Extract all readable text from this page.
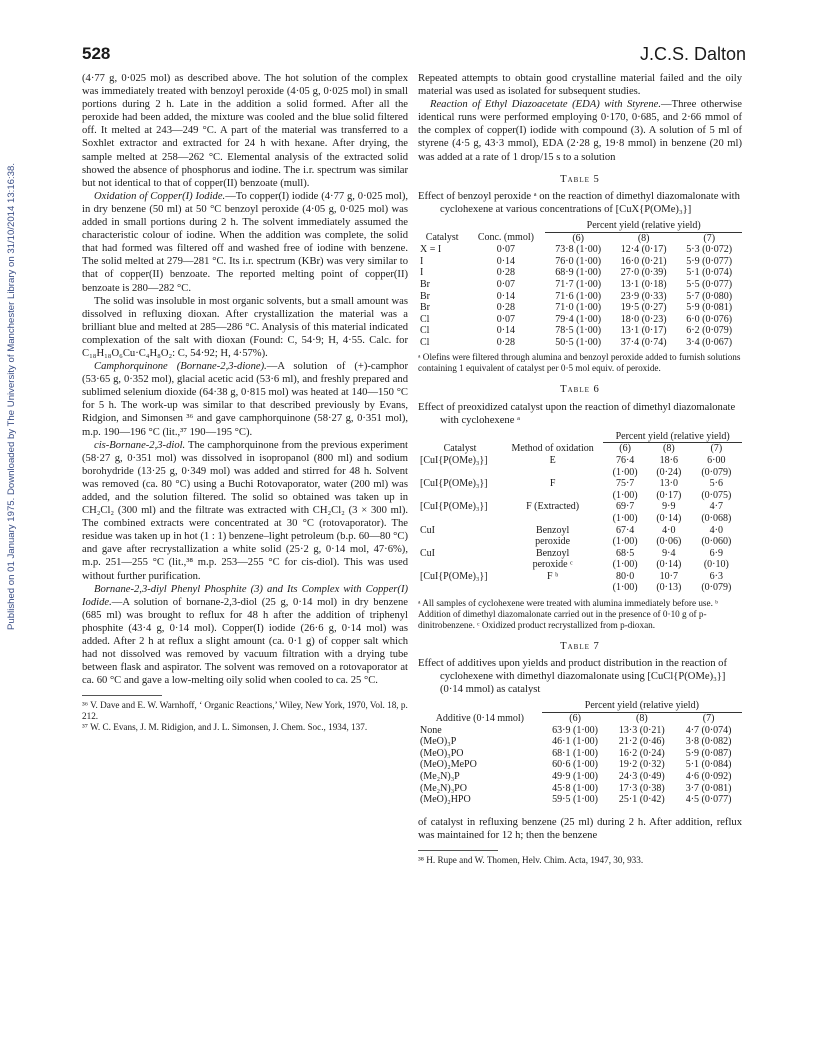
Published on 01 January 1975. Downloaded by The University of Manchester Library on 31/10/2014 13:16:38.
528	J.C.S. Dalton

(4·77 g, 0·025 mol) as described above. The hot solution of the complex was immediately treated with benzoyl peroxide (4·05 g, 0·025 mol) in small portions during 2 h. Late in the addition a solid formed. After all the peroxide had been added, the mixture was cooled and the blue solid filtered off. It melted at 243—249 °C. A part of the material was transferred to a Soxhlet extractor and extracted for 24 h with hexane. After drying, the sample melted at 258—262 °C. Elemental analysis of the extracted solid showed the absence of phosphorus and iodine. The i.r. spectrum was similar but not identical to that of copper(II) benzoate (mull).

Oxidation of Copper(I) Iodide.—To copper(I) iodide (4·77 g, 0·025 mol), in dry benzene (50 ml) at 50 °C benzoyl peroxide (4·05 g, 0·025 mol) was added in small portions during 2 h. The solvent immediately assumed the characteristic colour of iodine. When the addition was complete, the solid that had formed was filtered off and washed free of iodine with benzene. The solid melted at 279—281 °C. Its i.r. spectrum (KBr) was very similar to that of copper(II) benzoate. The reported melting point of copper(II) benzoate is 280—282 °C.

The solid was insoluble in most organic solvents, but a small amount was dissolved in refluxing dioxan. After crystallization the material was a brilliant blue and melted at 285—286 °C. Analysis of this material indicated complexation of the salt with dioxan (Found: C, 54·9; H, 4·55. Calc. for C₁₈H₁₈O₆Cu·C₄H₈O₂: C, 54·92; H, 4·57%).

Camphorquinone (Bornane-2,3-dione).—A solution of (+)-camphor (53·65 g, 0·352 mol), glacial acetic acid (53·6 ml), and freshly prepared and sublimed selenium dioxide (64·38 g, 0·815 mol) was heated at 140—150 °C for 5 h. The work-up was similar to that described previously by Evans, Ridgion, and Simonsen ³⁶ and gave camphorquinone (58·27 g, 0·351 mol), m.p. 190—196 °C (lit.,³⁷ 190—195 °C).

cis-Bornane-2,3-diol. The camphorquinone from the previous experiment (58·27 g, 0·351 mol) was dissolved in isopropanol (800 ml) and sodium borohydride (13·25 g, 0·349 mol) was added and stirred for 48 h. Solvent was removed (ca. 80 °C) using a Buchi Rotovaporator, water (200 ml) was added, and the solution filtered. The solid so obtained was taken up in CH₂Cl₂ (300 ml) and the filtrate was extracted with CH₂Cl₂ (3 × 300 ml). The combined extracts were concentrated at 30 °C (rotovaporator). The residue was taken up in hot (1 : 1) benzene–light petroleum (b.p. 60—80 °C) and gave after recrystallization a white solid (25·2 g, 0·14 mol, 47·6%), m.p. 251—255 °C (lit.,³⁸ m.p. 253—255 °C for cis-diol). This was used without further purification.

Bornane-2,3-diyl Phenyl Phosphite (3) and Its Complex with Copper(I) Iodide.—A solution of bornane-2,3-diol (25 g, 0·14 mol) in dry benzene (685 ml) was brought to reflux for 48 h after the addition of triphenyl phosphite (43·4 g, 0·14 mol). Copper(I) iodide (26·6 g, 0·14 mol) was added. After 2 h at reflux a slight amount (ca. 0·1 g) of copper salt which had not dissolved was removed by vacuum filtration with a drying tube between flask and aspirator. The solvent was removed on a rotovaporator at ca. 60 °C and gave a low-melting oily solid when cooled to ca. 25 °C.

³⁶ V. Dave and E. W. Warnhoff, ‘ Organic Reactions,’ Wiley, New York, 1970, Vol. 18, p. 212.

³⁷ W. C. Evans, J. M. Ridigion, and J. L. Simonsen, J. Chem. Soc., 1934, 137.

Repeated attempts to obtain good crystalline material failed and the oily material was used as isolated for subsequent studies.

Reaction of Ethyl Diazoacetate (EDA) with Styrene.—Three otherwise identical runs were performed employing 0·170, 0·685, and 2·66 mmol of the complex of copper(I) iodide with compound (3). A solution of 5 ml of styrene (4·5 g, 43·3 mmol), EDA (2·28 g, 19·8 mmol) in benzene (20 ml) was added at a rate of 1 drop/15 s to a solution

Table 5

Effect of benzoyl peroxide ᵃ on the reaction of dimethyl diazomalonate with cyclohexene at various concentrations of [CuX{P(OMe)₃}]

		Percent yield (relative yield)		
Catalyst	Conc. (mmol)	(6)	(8)	(7)
X = I	0·07	73·8 (1·00)	12·4 (0·17)	5·3 (0·072)
I	0·14	76·0 (1·00)	16·0 (0·21)	5·9 (0·077)
I	0·28	68·9 (1·00)	27·0 (0·39)	5·1 (0·074)
Br	0·07	71·7 (1·00)	13·1 (0·18)	5·5 (0·077)
Br	0·14	71·6 (1·00)	23·9 (0·33)	5·7 (0·080)
Br	0·28	71·0 (1·00)	19·5 (0·27)	5·9 (0·081)
Cl	0·07	79·4 (1·00)	18·0 (0·23)	6·0 (0·076)
Cl	0·14	78·5 (1·00)	13·1 (0·17)	6·2 (0·079)
Cl	0·28	50·5 (1·00)	37·4 (0·74)	3·4 (0·067)

ᵃ Olefins were filtered through alumina and benzoyl peroxide added to furnish solutions containing 1 equivalent of catalyst per 0·5 mol equiv. of peroxide.

Table 6

Effect of preoxidized catalyst upon the reaction of dimethyl diazomalonate with cyclohexene ᵃ

		Percent yield (relative yield)		
Catalyst	Method of oxidation	(6)	(8)	(7)
[CuI{P(OMe)₃}]	E	76·4	18·6	6·00
		(1·00)	(0·24)	(0·079)
[CuI{P(OMe)₃}]	F	75·7	13·0	5·6
		(1·00)	(0·17)	(0·075)
[CuI{P(OMe)₃}]	F (Extracted)	69·7	9·9	4·7
		(1·00)	(0·14)	(0·068)
CuI	Benzoyl	67·4	4·0	4·0
	peroxide	(1·00)	(0·06)	(0·060)
CuI	Benzoyl	68·5	9·4	6·9
	peroxide ᶜ	(1·00)	(0·14)	(0·10)
[CuI{P(OMe)₃}]	F ᵇ	80·0	10·7	6·3
		(1·00)	(0·13)	(0·079)

ᵃ All samples of cyclohexene were treated with alumina immediately before use. ᵇ Addition of dimethyl diazomalonate carried out in the presence of 0·10 g of p-dinitrobenzene. ᶜ Oxidized product recrystallized from p-dioxan.

Table 7

Effect of additives upon yields and product distribution in the reaction of cyclohexene with dimethyl diazomalonate using [CuCl{P(OMe)₃}] (0·14 mmol) as catalyst

	Percent yield (relative yield)		
Additive (0·14 mmol)	(6)	(8)	(7)
None	63·9 (1·00)	13·3 (0·21)	4·7 (0·074)
(MeO)₃P	46·1 (1·00)	21·2 (0·46)	3·8 (0·082)
(MeO)₃PO	68·1 (1·00)	16·2 (0·24)	5·9 (0·087)
(MeO)₂MePO	60·6 (1·00)	19·2 (0·32)	5·1 (0·084)
(Me₂N)₃P	49·9 (1·00)	24·3 (0·49)	4·6 (0·092)
(Me₂N)₃PO	45·8 (1·00)	17·3 (0·38)	3·7 (0·081)
(MeO)₂HPO	59·5 (1·00)	25·1 (0·42)	4·5 (0·077)

of catalyst in refluxing benzene (25 ml) during 2 h. After addition, reflux was maintained for 12 h; then the benzene

³⁸ H. Rupe and W. Thomen, Helv. Chim. Acta, 1947, 30, 933.
